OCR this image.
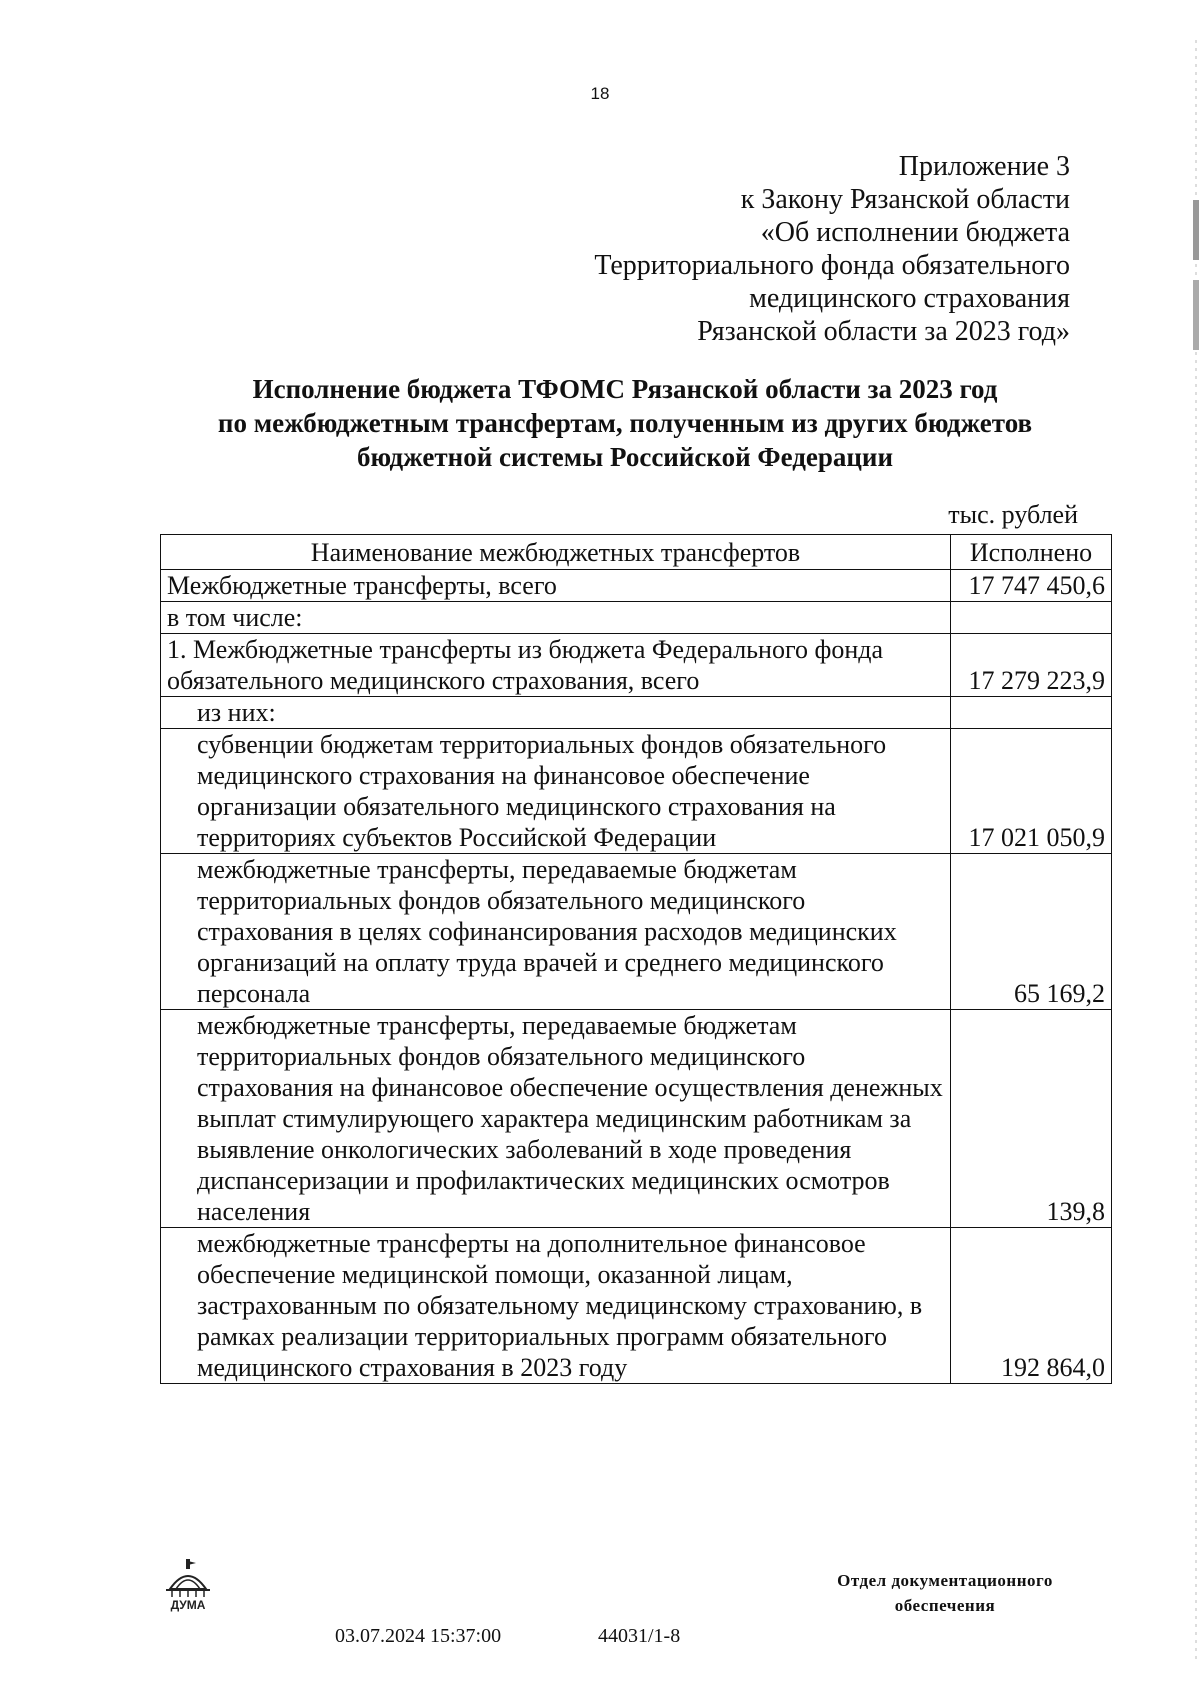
18
Приложение 3
к Закону Рязанской области
«Об исполнении бюджета
Территориального фонда обязательного
медицинского страхования
Рязанской области за 2023 год»
Исполнение бюджета ТФОМС Рязанской области за 2023 год
по межбюджетным трансфертам, полученным из других бюджетов
бюджетной системы Российской Федерации
тыс. рублей
Наименование межбюджетных трансфертов	Исполнено
Межбюджетные трансферты, всего	17 747 450,6
в том числе:	
1. Межбюджетные трансферты из бюджета Федерального фонда обязательного медицинского страхования, всего	17 279 223,9
из них:	
субвенции бюджетам территориальных фондов обязательного медицинского страхования на финансовое обеспечение организации обязательного медицинского страхования на территориях субъектов Российской Федерации	17 021 050,9
межбюджетные трансферты, передаваемые бюджетам территориальных фондов обязательного медицинского страхования в целях софинансирования расходов медицинских организаций на оплату труда врачей и среднего медицинского персонала	65 169,2
межбюджетные трансферты, передаваемые бюджетам территориальных фондов обязательного медицинского страхования на финансовое обеспечение осуществления денежных выплат стимулирующего характера медицинским работникам за выявление онкологических заболеваний в ходе проведения диспансеризации и профилактических медицинских осмотров населения	139,8
межбюджетные трансферты на дополнительное финансовое обеспечение медицинской помощи, оказанной лицам, застрахованным по обязательному медицинскому страхованию, в рамках реализации территориальных программ обязательного медицинского страхования в 2023 году	192 864,0
ДУМА
03.07.2024 15:37:00	44031/1-8
Отдел документационного
обеспечения
